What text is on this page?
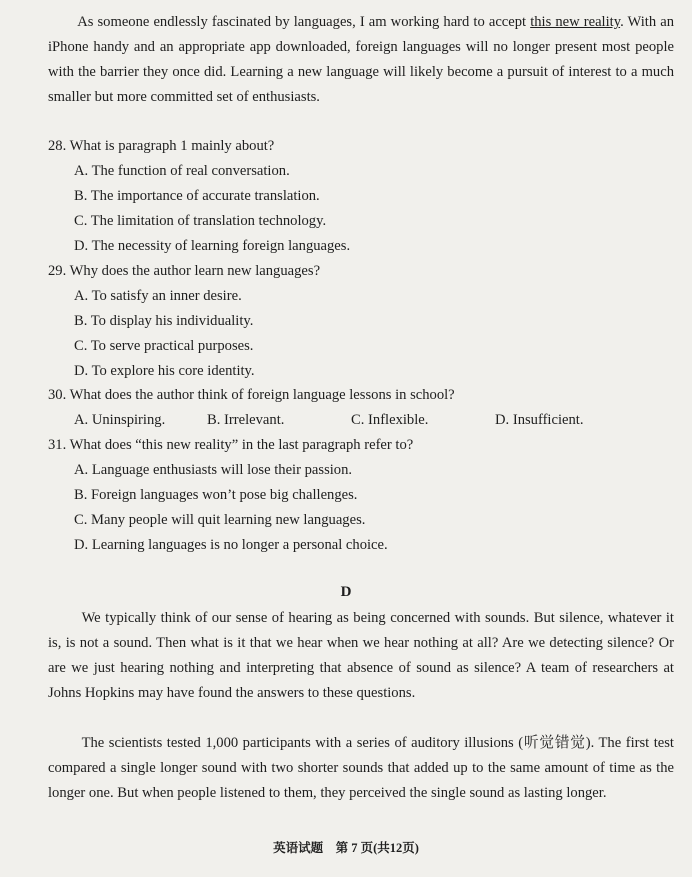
As someone endlessly fascinated by languages, I am working hard to accept this new reality. With an iPhone handy and an appropriate app downloaded, foreign languages will no longer present most people with the barrier they once did. Learning a new language will likely become a pursuit of interest to a much smaller but more committed set of enthusiasts.

28. What is paragraph 1 mainly about?

A. The function of real conversation.

B. The importance of accurate translation.

C. The limitation of translation technology.

D. The necessity of learning foreign languages.

29. Why does the author learn new languages?

A. To satisfy an inner desire.

B. To display his individuality.

C. To serve practical purposes.

D. To explore his core identity.

30. What does the author think of foreign language lessons in school?

A. Uninspiring.	B. Irrelevant.	C. Inflexible.	D. Insufficient.

31. What does “this new reality” in the last paragraph refer to?

A. Language enthusiasts will lose their passion.

B. Foreign languages won’t pose big challenges.

C. Many people will quit learning new languages.

D. Learning languages is no longer a personal choice.

D

We typically think of our sense of hearing as being concerned with sounds. But silence, whatever it is, is not a sound. Then what is it that we hear when we hear nothing at all? Are we detecting silence? Or are we just hearing nothing and interpreting that absence of sound as silence? A team of researchers at Johns Hopkins may have found the answers to these questions.

The scientists tested 1,000 participants with a series of auditory illusions (听觉错觉). The first test compared a single longer sound with two shorter sounds that added up to the same amount of time as the longer one. But when people listened to them, they perceived the single sound as lasting longer.

英语试题　第 7 页(共12页)
